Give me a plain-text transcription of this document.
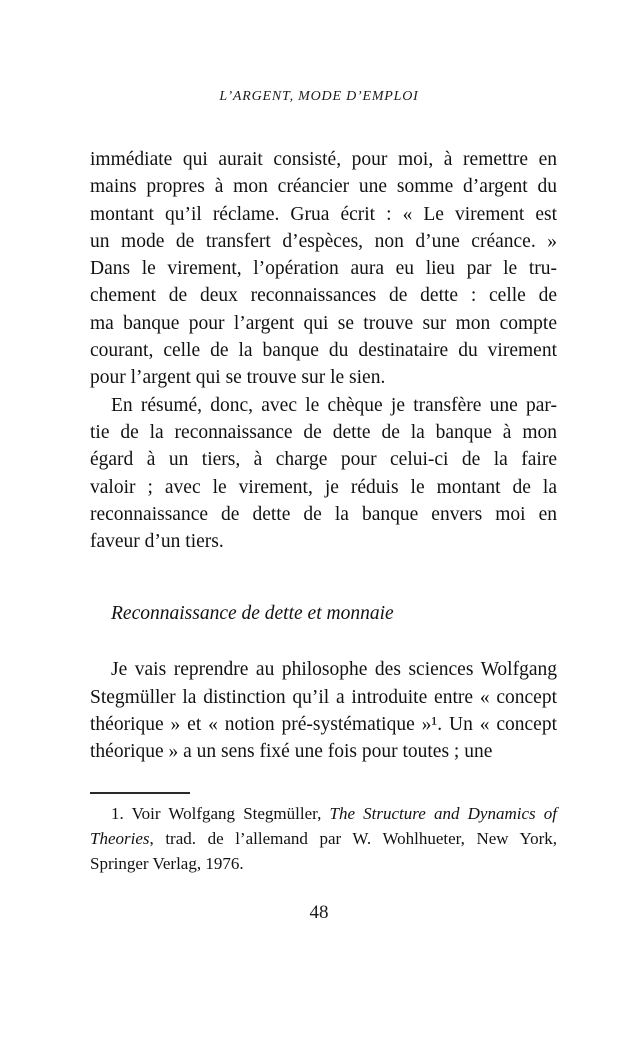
L’ARGENT, MODE D’EMPLOI
immédiate qui aurait consisté, pour moi, à remettre en
mains propres à mon créancier une somme d’argent du
montant qu’il réclame. Grua écrit : « Le virement est
un mode de transfert d’espèces, non d’une créance. »
Dans le virement, l’opération aura eu lieu par le tru-
chement de deux reconnaissances de dette : celle de
ma banque pour l’argent qui se trouve sur mon compte
courant, celle de la banque du destinataire du virement
pour l’argent qui se trouve sur le sien.
En résumé, donc, avec le chèque je transfère une par-
tie de la reconnaissance de dette de la banque à mon
égard à un tiers, à charge pour celui-ci de la faire
valoir ; avec le virement, je réduis le montant de la
reconnaissance de dette de la banque envers moi en
faveur d’un tiers.
Reconnaissance de dette et monnaie
Je vais reprendre au philosophe des sciences Wolfgang
Stegmüller la distinction qu’il a introduite entre « concept
théorique » et « notion pré-systématique »¹. Un « concept
théorique » a un sens fixé une fois pour toutes ; une
1. Voir Wolfgang Stegmüller, The Structure and Dynamics of
Theories, trad. de l’allemand par W. Wohlhueter, New York,
Springer Verlag, 1976.
48
